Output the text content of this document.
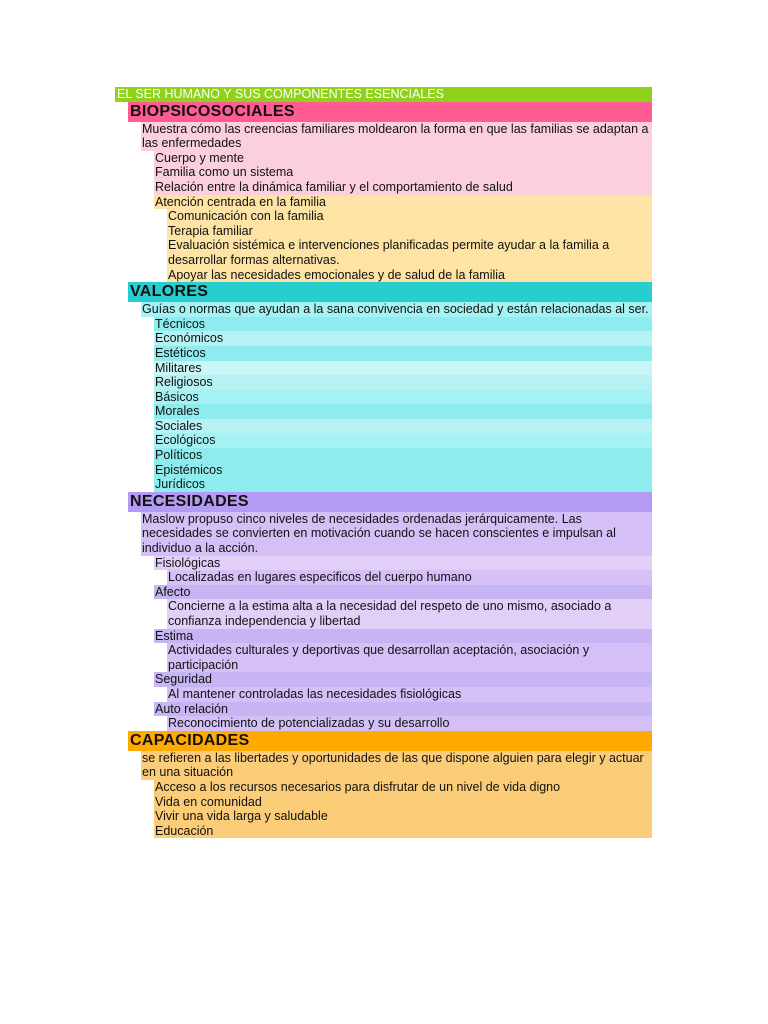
EL SER HUMANO Y SUS COMPONENTES ESENCIALES
BIOPSICOSOCIALES
Muestra cómo las creencias familiares moldearon la forma en que las familias se adaptan a las enfermedades
Cuerpo y mente
Familia como un sistema
Relación entre la dinámica familiar y el comportamiento de salud
Atención centrada en la familia
Comunicación con la familia
Terapia familiar
Evaluación sistémica e intervenciones planificadas permite ayudar a la familia a desarrollar formas alternativas.
Apoyar las necesidades emocionales y de salud de la familia
VALORES
Guías o normas que ayudan a la sana convivencia en sociedad y están relacionadas al ser.
Técnicos
Económicos
Estéticos
Militares
Religiosos
Básicos
Morales
Sociales
Ecológicos
Políticos
Epistémicos
Jurídicos
NECESIDADES
Maslow propuso cinco niveles de necesidades ordenadas jerárquicamente. Las necesidades se convierten en motivación cuando se hacen conscientes e impulsan al individuo a la acción.
Fisiológicas
Localizadas en lugares especificos del cuerpo humano
Afecto
Concierne a la estima alta a la necesidad del respeto de uno mismo, asociado a confianza independencia y libertad
Estima
Actividades culturales y deportivas que desarrollan aceptación, asociación y participación
Seguridad
Al mantener controladas las necesidades fisiológicas
Auto relación
Reconocimiento de potencializadas y su desarrollo
CAPACIDADES
se refieren a las libertades y oportunidades de las que dispone alguien para elegir y actuar en una situación
Acceso a los recursos necesarios para disfrutar de un nivel de vida digno
Vida en comunidad
Vivir una vida larga y saludable
Educación
